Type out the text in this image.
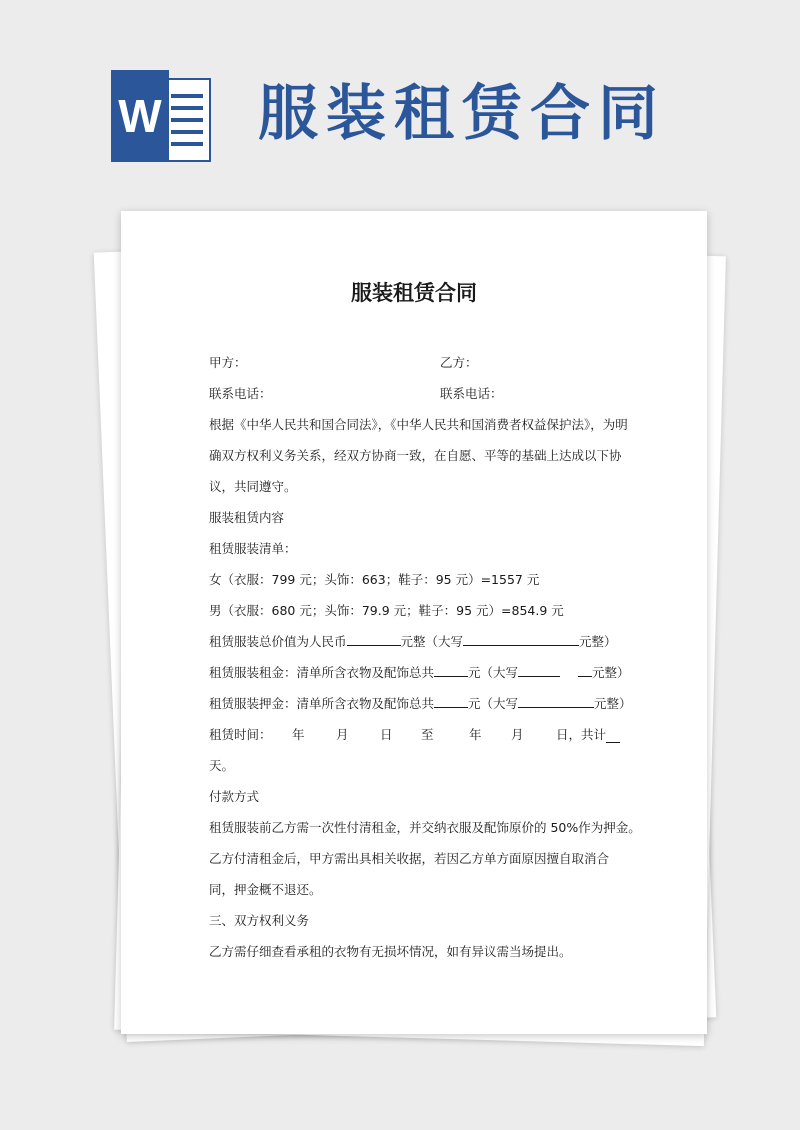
W 服装租赁合同
服装租赁合同
甲方：	乙方：
联系电话：	联系电话：
根据《中华人民共和国合同法》，《中华人民共和国消费者权益保护法》，为明确双方权利义务关系，经双方协商一致，在自愿、平等的基础上达成以下协议，共同遵守。
服装租赁内容
租赁服装清单：
女（衣服：799 元；头饰：663；鞋子：95 元）=1557 元
男（衣服：680 元；头饰：79.9 元；鞋子：95 元）=854.9 元
租赁服装总价值为人民币	元整（大写	元整）
租赁服装租金：清单所含衣物及配饰总共	元（大写	元整）
租赁服装押金：清单所含衣物及配饰总共	元（大写	元整）
租赁时间： 年	月	日 至	年 月	日，共计
天。
付款方式
租赁服装前乙方需一次性付清租金，并交纳衣服及配饰原价的 50%作为押金。
乙方付清租金后，甲方需出具相关收据，若因乙方单方面原因擅自取消合同，押金概不退还。
三、双方权利义务
乙方需仔细查看承租的衣物有无损坏情况，如有异议需当场提出。
